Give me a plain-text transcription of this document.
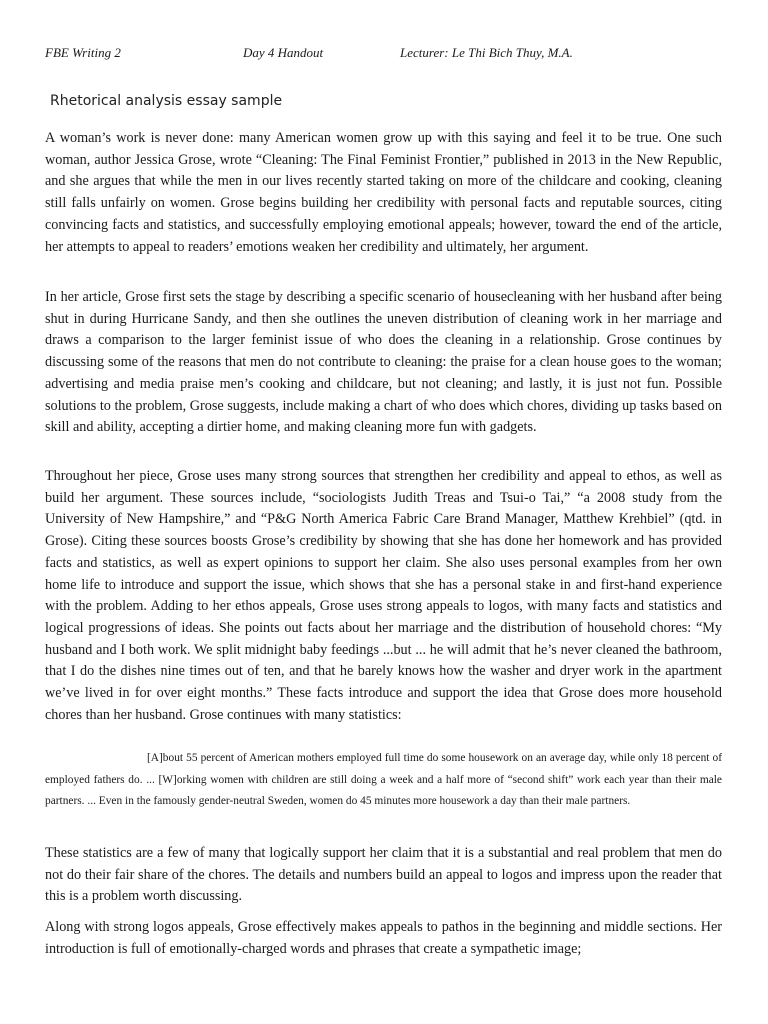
FBE Writing 2	Day 4 Handout	Lecturer: Le Thi Bich Thuy, M.A.
Rhetorical analysis essay sample

A woman’s work is never done: many American women grow up with this saying and feel it to be true. One such woman, author Jessica Grose, wrote “Cleaning: The Final Feminist Frontier,” published in 2013 in the New Republic, and she argues that while the men in our lives recently started taking on more of the childcare and cooking, cleaning still falls unfairly on women. Grose begins building her credibility with personal facts and reputable sources, citing convincing facts and statistics, and successfully employing emotional appeals; however, toward the end of the article, her attempts to appeal to readers’ emotions weaken her credibility and ultimately, her argument.

In her article, Grose first sets the stage by describing a specific scenario of housecleaning with her husband after being shut in during Hurricane Sandy, and then she outlines the uneven distribution of cleaning work in her marriage and draws a comparison to the larger feminist issue of who does the cleaning in a relationship. Grose continues by discussing some of the reasons that men do not contribute to cleaning: the praise for a clean house goes to the woman; advertising and media praise men’s cooking and childcare, but not cleaning; and lastly, it is just not fun. Possible solutions to the problem, Grose suggests, include making a chart of who does which chores, dividing up tasks based on skill and ability, accepting a dirtier home, and making cleaning more fun with gadgets.

Throughout her piece, Grose uses many strong sources that strengthen her credibility and appeal to ethos, as well as build her argument. These sources include, “sociologists Judith Treas and Tsui-o Tai,” “a 2008 study from the University of New Hampshire,” and “P&G North America Fabric Care Brand Manager, Matthew Krehbiel” (qtd. in Grose). Citing these sources boosts Grose’s credibility by showing that she has done her homework and has provided facts and statistics, as well as expert opinions to support her claim. She also uses personal examples from her own home life to introduce and support the issue, which shows that she has a personal stake in and first-hand experience with the problem. Adding to her ethos appeals, Grose uses strong appeals to logos, with many facts and statistics and logical progressions of ideas. She points out facts about her marriage and the distribution of household chores: “My husband and I both work. We split midnight baby feedings ...but ... he will admit that he’s never cleaned the bathroom, that I do the dishes nine times out of ten, and that he barely knows how the washer and dryer work in the apartment we’ve lived in for over eight months.” These facts introduce and support the idea that Grose does more household chores than her husband. Grose continues with many statistics:

[A]bout 55 percent of American mothers employed full time do some housework on an average day, while only 18 percent of employed fathers do. ... [W]orking women with children are still doing a week and a half more of “second shift” work each year than their male partners. ... Even in the famously gender-neutral Sweden, women do 45 minutes more housework a day than their male partners.

These statistics are a few of many that logically support her claim that it is a substantial and real problem that men do not do their fair share of the chores. The details and numbers build an appeal to logos and impress upon the reader that this is a problem worth discussing.

Along with strong logos appeals, Grose effectively makes appeals to pathos in the beginning and middle sections. Her introduction is full of emotionally-charged words and phrases that create a sympathetic image;
